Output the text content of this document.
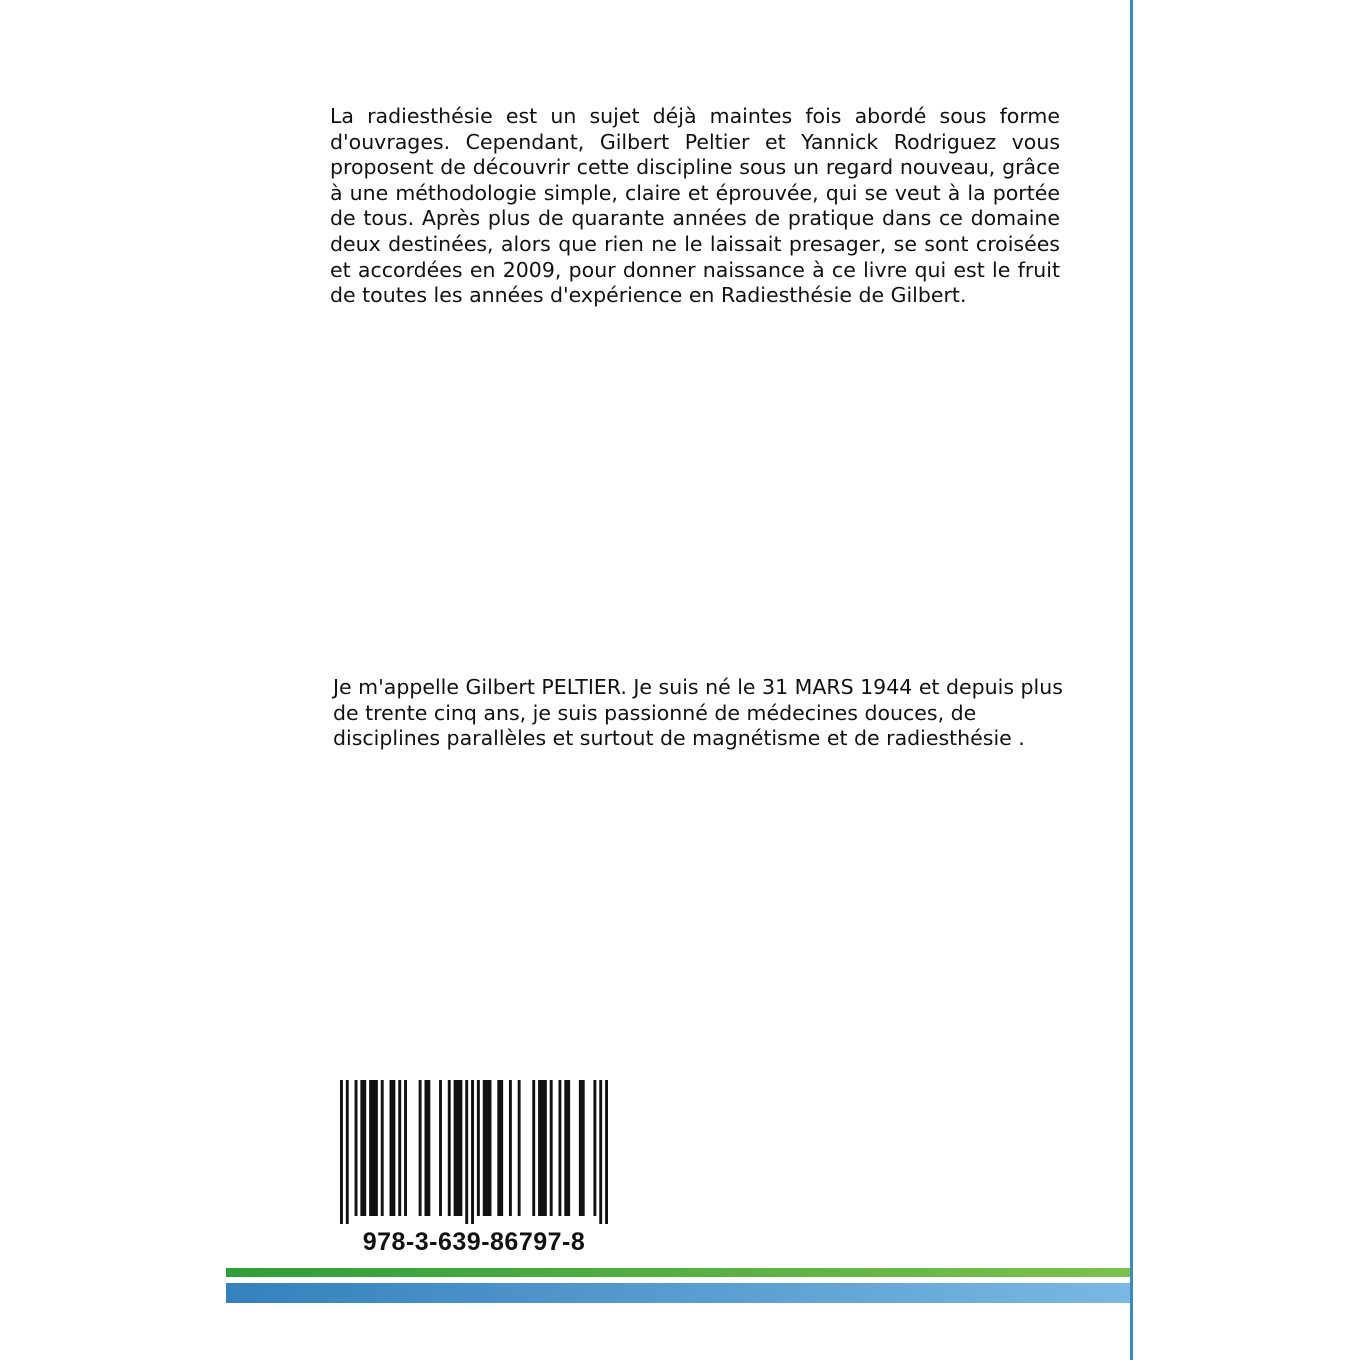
La radiesthésie est un sujet déjà maintes fois abordé sous forme d'ouvrages. Cependant, Gilbert Peltier et Yannick Rodriguez vous proposent de découvrir cette discipline sous un regard nouveau, grâce à une méthodologie simple, claire et éprouvée, qui se veut à la portée de tous. Après plus de quarante années de pratique dans ce domaine deux destinées, alors que rien ne le laissait presager, se sont croisées et accordées en 2009, pour donner naissance à ce livre qui est le fruit de toutes les années d'expérience en Radiesthésie de Gilbert.

Je m'appelle Gilbert PELTIER. Je suis né le 31 MARS 1944 et depuis plus
de trente cinq ans, je suis passionné de médecines douces, de
disciplines parallèles et surtout de magnétisme et de radiesthésie .

978-3-639-86797-8
